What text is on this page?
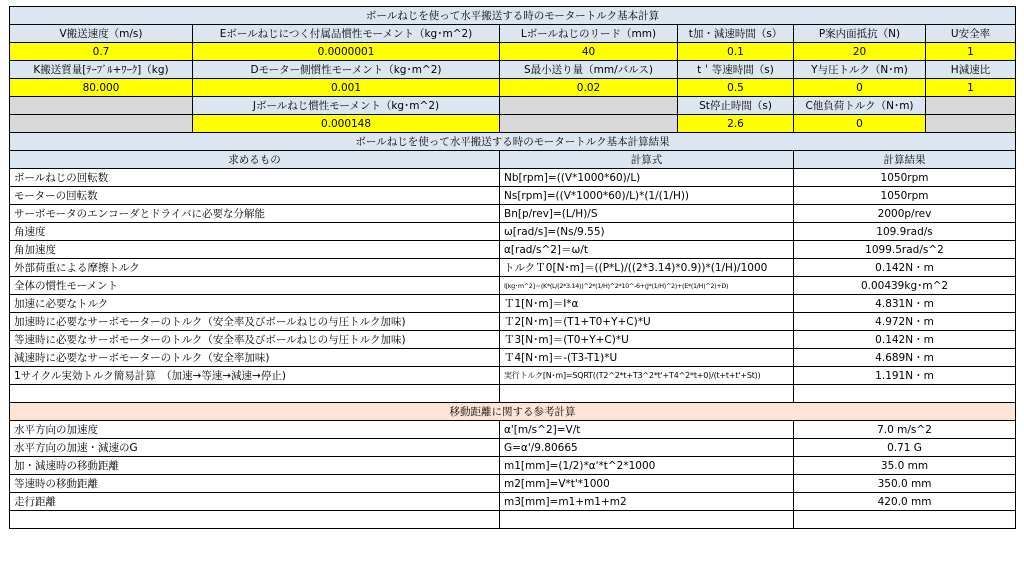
ボールねじを使って水平搬送する時のモータートルク基本計算					
V搬送速度（m/s)	Eボールねじにつく付属品慣性モーメント（kg･m^2)	Lボールねじのリード（mm)	t加・減速時間（s）	P案内面抵抗（N)	U安全率
0.7	0.0000001	40	0.1	20	1
K搬送質量[ﾃｰﾌﾞﾙ+ﾜｰｸ]（kg)	Dモーター側慣性モーメント（kg･m^2)	S最小送り量（mm/パルス)	t＇等速時間（s)	Y与圧トルク（N･m)	H減速比
80.000	0.001	0.02	0.5	0	1
	Jボールねじ慣性モーメント（kg･m^2)		St停止時間（s)	C他負荷トルク（N･m)	
	0.000148		2.6	0	
ボールねじを使って水平搬送する時のモータートルク基本計算結果					
求めるもの		計算式		計算結果	
ボールねじの回転数		Nb[rpm]=((V*1000*60)/L)		1050rpm	
モーターの回転数		Ns[rpm]=((V*1000*60)/L)*(1/(1/H))		1050rpm	
サーボモータのエンコーダとドライバに必要な分解能		Bn[p/rev]=(L/H)/S		2000p/rev	
角速度		ω[rad/s]=(Ns/9.55)		109.9rad/s	
角加速度		α[rad/s^2]＝ω/t		1099.5rad/s^2	
外部荷重による摩擦トルク		トルクＴ0[N･m]＝((P*L)/((2*3.14)*0.9))*(1/H)/1000		0.142N・m	
全体の慣性モーメント		I[kg･m^2]＝(K*(L/(2*3.14))^2*(1/H)^2*10^-6+(J*(1/H)^2)+(E*(1/H)^2)+D)		0.00439kg･m^2	
加速に必要なトルク		Ｔ1[N･m]＝I*α		4.831N・m	
加速時に必要なサーボモーターのトルク（安全率及びボールねじの与圧トルク加味)		Ｔ2[N･m]＝(T1+T0+Y+C)*U		4.972N・m	
等速時に必要なサーボモーターのトルク（安全率及びボールねじの与圧トルク加味)		Ｔ3[N･m]＝(T0+Y+C)*U		0.142N・m	
減速時に必要なサーボモーターのトルク（安全率加味)		Ｔ4[N･m]＝-(T3-T1)*U		4.689N・m	
1サイクル実効トルク簡易計算　（加速→等速→減速→停止)		実行トルク[N･m]=SQRT((T2^2*t+T3^2*t'+T4^2*t+0)/(t+t+t'+St))		1.191N・m	

移動距離に関する参考計算					
水平方向の加速度		α'[m/s^2]=V/t		7.0 m/s^2	
水平方向の加速・減速のG		G=α'/9.80665		0.71 G	
加・減速時の移動距離		m1[mm]=(1/2)*α'*t^2*1000		35.0 mm	
等速時の移動距離		m2[mm]=V*t'*1000		350.0 mm	
走行距離		m3[mm]=m1+m1+m2		420.0 mm	
